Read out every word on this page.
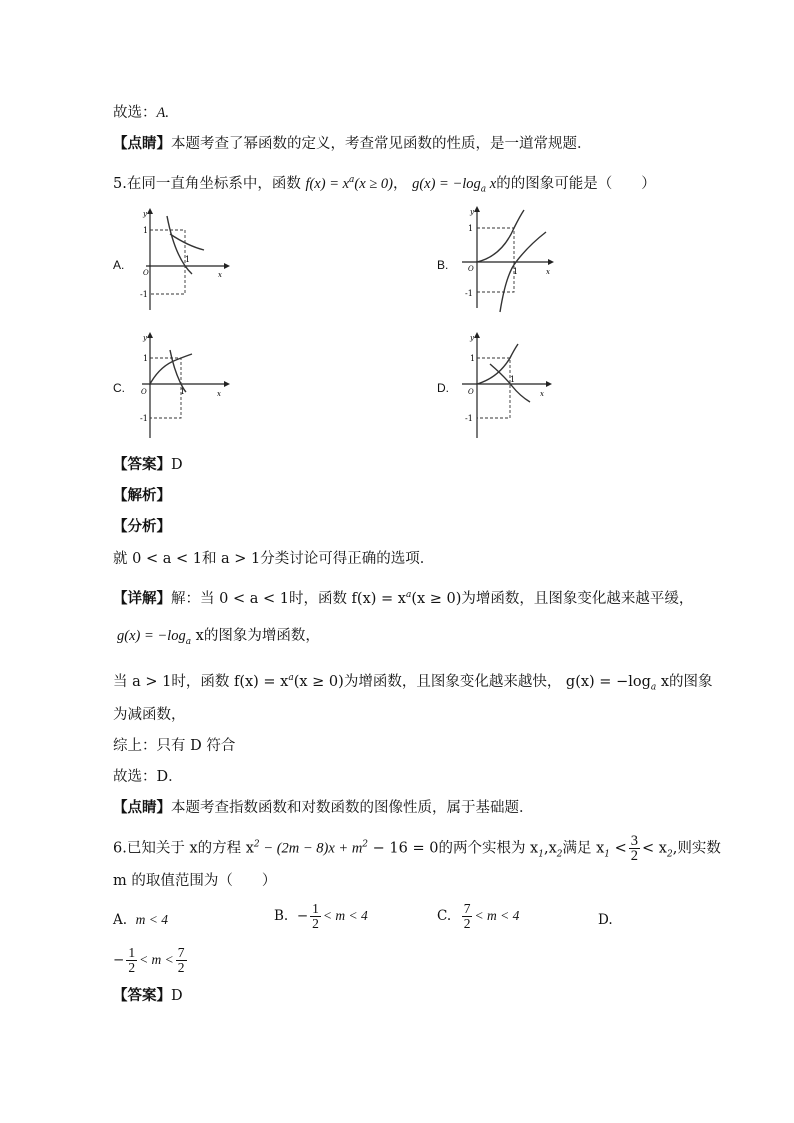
故选：A.
【点睛】本题考查了幂函数的定义，考查常见函数的性质，是一道常规题．
5.在同一直角坐标系中，函数 $f(x) = x^a(x \ge 0)$， $g(x) = -\log_a$ x的的图象可能是（　　）
A.
y
x
O
1
1
-1
B.
y
x
O
1
1
-1
C.
y
x
O
1
1
-1
D.
y
x
O
1
1
-1
【答案】D
【解析】
【分析】
就 0 < a < 1和 a > 1分类讨论可得正确的选项．
【详解】解：当 0 < a < 1时，函数 $f(x) = x^a(x \ge 0)$为增函数，且图象变化越来越平缓，
$g(x) = -\log_a$ x的图象为增函数，
当 a > 1时，函数 $f(x) = x^a(x \ge 0)$为增函数，且图象变化越来越快， $g(x) = -\log_a$ x的图象
为减函数，
综上：只有 D 符合
故选：D．
【点睛】本题考查指数函数和对数函数的图像性质，属于基础题．
6.已知关于 x的方程 $x^2 - (2m - 8)x + m^2 - 16 = 0$的两个实根为 $x_1,x_2$满足 $x_1 < \frac{3}{2} < x_2$,则实数
m 的取值范围为（　　）
A. m < 4	B. − $\frac{1}{2} < m < 4$	C. $\frac{7}{2} < m < 4$	D.
− $\frac{1}{2} < m < \frac{7}{2}$
【答案】D
